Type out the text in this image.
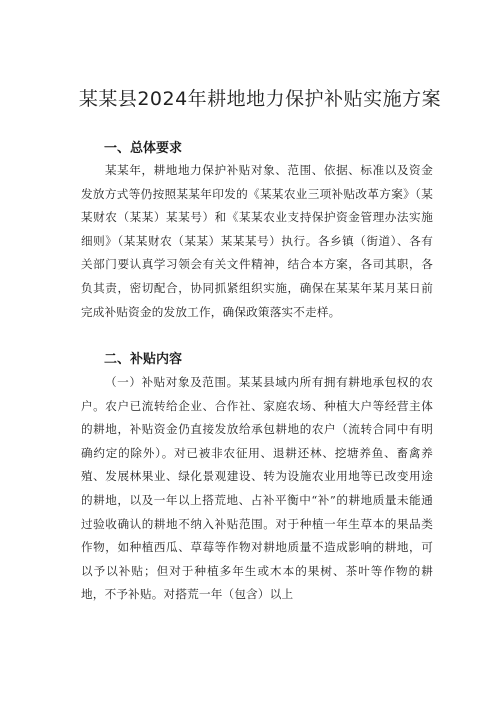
某某县2024年耕地地力保护补贴实施方案
一、总体要求

某某年，耕地地力保护补贴对象、范围、依据、标准以及资金发放方式等仍按照某某年印发的《某某农业三项补贴改革方案》（某某财农（某某）某某号）和《某某农业支持保护资金管理办法实施细则》（某某财农（某某）某某某号）执行。各乡镇（街道）、各有关部门要认真学习领会有关文件精神，结合本方案，各司其职，各负其责，密切配合，协同抓紧组织实施，确保在某某年某月某日前完成补贴资金的发放工作，确保政策落实不走样。

二、补贴内容

（一）补贴对象及范围。某某县域内所有拥有耕地承包权的农户。农户已流转给企业、合作社、家庭农场、种植大户等经营主体的耕地，补贴资金仍直接发放给承包耕地的农户（流转合同中有明确约定的除外）。对已被非农征用、退耕还林、挖塘养鱼、畜禽养殖、发展林果业、绿化景观建设、转为设施农业用地等已改变用途的耕地，以及一年以上搭荒地、占补平衡中“补”的耕地质量未能通过验收确认的耕地不纳入补贴范围。对于种植一年生草本的果品类作物，如种植西瓜、草莓等作物对耕地质量不造成影响的耕地，可以予以补贴；但对于种植多年生或木本的果树、茶叶等作物的耕地，不予补贴。对搭荒一年（包含）以上
